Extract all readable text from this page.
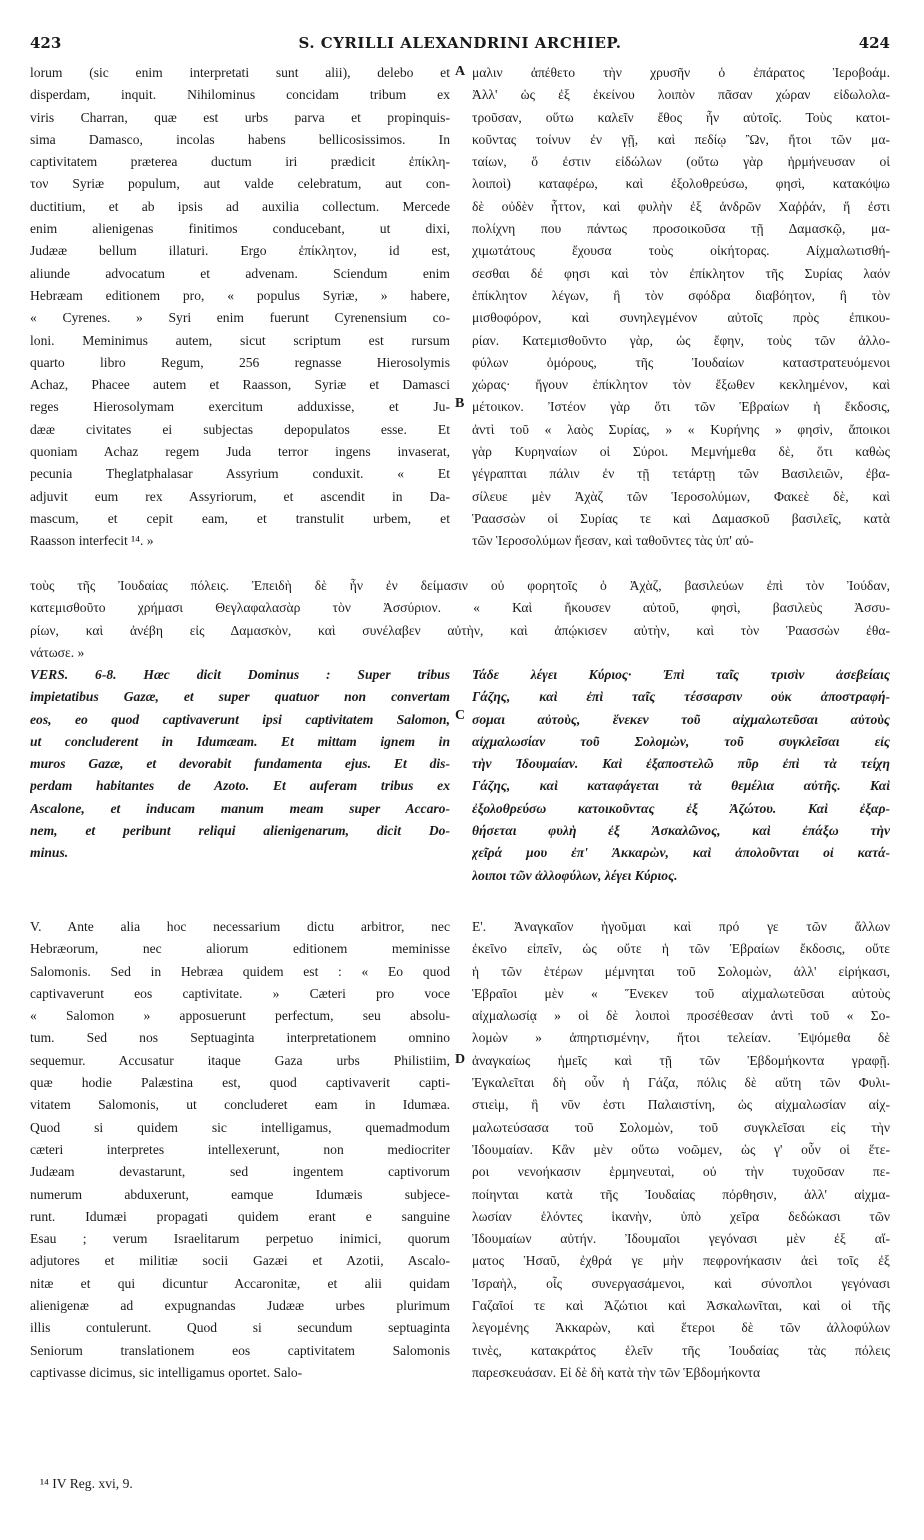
423	S. CYRILLI ALEXANDRINI ARCHIEP.	424
lorum (sic enim interpretati sunt alii), delebo et
disperdam, inquit. Nihilominus concidam tribum ex
viris Charran, quæ est urbs parva et propinquis-
sima Damasco, incolas habens bellicosissimos. In
captivitatem præterea ductum iri prædicit ἐπίκλη-
τον Syriæ populum, aut valde celebratum, aut con-
ductitium, et ab ipsis ad auxilia collectum. Mercede
enim alienigenas finitimos conducebant, ut dixi,
Judææ bellum illaturi. Ergo ἐπίκλητον, id est,
aliunde advocatum et advenam. Sciendum enim
Hebræam editionem pro, « populus Syriæ, » habere,
« Cyrenes. » Syri enim fuerunt Cyrenensium co-
loni. Meminimus autem, sicut scriptum est rursum
quarto libro Regum, 256 regnasse Hierosolymis
Achaz, Phacee autem et Raasson, Syriæ et Damasci
reges Hierosolymam exercitum adduxisse, et Ju-
dææ civitates ei subjectas depopulatos esse. Et
quoniam Achaz regem Juda terror ingens invaserat,
pecunia Theglatphalasar Assyrium conduxit. « Et
adjuvit eum rex Assyriorum, et ascendit in Da-
mascum, et cepit eam, et transtulit urbem, et
Raasson interfecit ¹⁴. »
μαλιν ἀπέθετο τὴν χρυσῆν ὁ ἐπάρατος Ἱεροβοάμ.
Ἀλλ' ὡς ἐξ ἐκείνου λοιπὸν πᾶσαν χώραν εἰδωλολα-
τροῦσαν, οὕτω καλεῖν ἔθος ἦν αὐτοῖς. Τοὺς κατοι-
κοῦντας τοίνυν ἐν γῇ, καὶ πεδίῳ Ὢν, ἤτοι τῶν μα-
ταίων, ὅ ἐστιν εἰδώλων (οὕτω γὰρ ἡρμήνευσαν οἱ
λοιποὶ) καταφέρω, καὶ ἐξολοθρεύσω, φησὶ, κατακόψω
δὲ οὐδὲν ἧττον, καὶ φυλὴν ἐξ ἀνδρῶν Χαῤῥάν, ἥ ἐστι
πολίχνη που πάντως προσοικοῦσα τῇ Δαμασκῷ, μα-
χιμωτάτους ἔχουσα τοὺς οἰκήτορας. Αἰχμαλωτισθή-
σεσθαι δέ φησι καὶ τὸν ἐπίκλητον τῆς Συρίας λαόν
ἐπίκλητον λέγων, ἢ τὸν σφόδρα διαβόητον, ἢ τὸν
μισθοφόρον, καὶ συνηλεγμένον αὐτοῖς πρὸς ἐπικου-
ρίαν. Κατεμισθοῦντο γὰρ, ὡς ἔφην, τοὺς τῶν ἀλλο-
φύλων ὁμόρους, τῆς Ἰουδαίων καταστρατευόμενοι
χώρας· ἤγουν ἐπίκλητον τὸν ἔξωθεν κεκλημένον, καὶ
μέτοικον. Ἰστέον γὰρ ὅτι τῶν Ἑβραίων ἡ ἔκδοσις,
ἀντὶ τοῦ « λαὸς Συρίας, » « Κυρήνης » φησὶν, ἄποικοι
γὰρ Κυρηναίων οἱ Σύροι. Μεμνήμεθα δὲ, ὅτι καθὼς
γέγραπται πάλιν ἐν τῇ τετάρτῃ τῶν Βασιλειῶν, ἐβα-
σίλευε μὲν Ἀχὰζ τῶν Ἱεροσολύμων, Φακεὲ δὲ, καὶ
Ῥαασσὼν οἱ Συρίας τε καὶ Δαμασκοῦ βασιλεῖς, κατὰ
τῶν Ἱεροσολύμων ἤεσαν, καὶ ταθοῦντες τὰς ὑπ' αὐ-
A
B
C
D
τοὺς τῆς Ἰουδαίας πόλεις. Ἐπειδὴ δὲ ἦν ἐν δείμασιν οὐ φορητοῖς ὁ Ἀχὰζ, βασιλεύων ἐπὶ τὸν Ἰούδαν,
κατεμισθοῦτο χρήμασι Θεγλαφαλασὰρ τὸν Ἀσσύριον. « Καὶ ἤκουσεν αὐτοῦ, φησὶ, βασιλεὺς Ἀσσυ-
ρίων, καὶ ἀνέβη εἰς Δαμασκὸν, καὶ συνέλαβεν αὐτὴν, καὶ ἀπῴκισεν αὐτὴν, καὶ τὸν Ῥαασσὼν ἐθα-
νάτωσε. »
VERS. 6-8. Hæc dicit Dominus : Super tribus
impietatibus Gazæ, et super quatuor non convertam
eos, eo quod captivaverunt ipsi captivitatem Salomon,
ut concluderent in Idumæam. Et mittam ignem in
muros Gazæ, et devorabit fundamenta ejus. Et dis-
perdam habitantes de Azoto. Et auferam tribus ex
Ascalone, et inducam manum meam super Accaro-
nem, et peribunt reliqui alienigenarum, dicit Do-
minus.
Τάδε λέγει Κύριος· Ἐπὶ ταῖς τρισὶν ἀσεβείαις
Γάζης, καὶ ἐπὶ ταῖς τέσσαρσιν οὐκ ἀποστραφή-
σομαι αὐτοὺς, ἕνεκεν τοῦ αἰχμαλωτεῦσαι αὐτοὺς
αἰχμαλωσίαν τοῦ Σολομὼν, τοῦ συγκλεῖσαι εἰς
τὴν Ἰδουμαίαν. Καὶ ἐξαποστελῶ πῦρ ἐπὶ τὰ τείχη
Γάζης, καὶ καταφάγεται τὰ θεμέλια αὐτῆς. Καὶ
ἐξολοθρεύσω κατοικοῦντας ἐξ Ἀζώτου. Καὶ ἐξαρ-
θήσεται φυλὴ ἐξ Ἀσκαλῶνος, καὶ ἐπάξω τὴν
χεῖρά μου ἐπ' Ἀκκαρὼν, καὶ ἀπολοῦνται οἱ κατά-
λοιποι τῶν ἀλλοφύλων, λέγει Κύριος.
V. Ante alia hoc necessarium dictu arbitror, nec
Hebræorum, nec aliorum editionem meminisse
Salomonis. Sed in Hebræa quidem est : « Eo quod
captivaverunt eos captivitate. » Cæteri pro voce
« Salomon » apposuerunt perfectum, seu absolu-
tum. Sed nos Septuaginta interpretationem omnino
sequemur. Accusatur itaque Gaza urbs Philistiim,
quæ hodie Palæstina est, quod captivaverit capti-
vitatem Salomonis, ut concluderet eam in Idumæa.
Quod si quidem sic intelligamus, quemadmodum
cæteri interpretes intellexerunt, non mediocriter
Judæam devastarunt, sed ingentem captivorum
numerum abduxerunt, eamque Idumæis subjece-
runt. Idumæi propagati quidem erant e sanguine
Esau ; verum Israelitarum perpetuo inimici, quorum
adjutores et militiæ socii Gazæi et Azotii, Ascalo-
nitæ et qui dicuntur Accaronitæ, et alii quidam
alienigenæ ad expugnandas Judææ urbes plurimum
illis contulerunt. Quod si secundum septuaginta
Seniorum translationem eos captivitatem Salomonis
captivasse dicimus, sic intelligamus oportet. Salo-
Ε'. Ἀναγκαῖον ἡγοῦμαι καὶ πρό γε τῶν ἄλλων
ἐκεῖνο εἰπεῖν, ὡς οὔτε ἡ τῶν Ἑβραίων ἔκδοσις, οὔτε
ἡ τῶν ἑτέρων μέμνηται τοῦ Σολομὼν, ἀλλ' εἰρήκασι,
Ἑβραῖοι μὲν « Ἕνεκεν τοῦ αἰχμαλωτεῦσαι αὐτοὺς
αἰχμαλωσίᾳ » οἱ δὲ λοιποὶ προσέθεσαν ἀντὶ τοῦ « Σο-
λομὼν » ἀπηρτισμένην, ἤτοι τελείαν. Ἑψόμεθα δὲ
ἀναγκαίως ἡμεῖς καὶ τῇ τῶν Ἑβδομήκοντα γραφῇ.
Ἐγκαλεῖται δὴ οὖν ἡ Γάζα, πόλις δὲ αὕτη τῶν Φυλι-
στιεὶμ, ἣ νῦν ἐστι Παλαιστίνη, ὡς αἰχμαλωσίαν αἰχ-
μαλωτεύσασα τοῦ Σολομὼν, τοῦ συγκλεῖσαι εἰς τὴν
Ἰδουμαίαν. Κἂν μὲν οὕτω νοῶμεν, ὡς γ' οὖν οἱ ἕτε-
ροι νενοήκασιν ἑρμηνευταὶ, οὐ τὴν τυχοῦσαν πε-
ποίηνται κατὰ τῆς Ἰουδαίας πόρθησιν, ἀλλ' αἰχμα-
λωσίαν ἑλόντες ἱκανὴν, ὑπὸ χεῖρα δεδώκασι τῶν
Ἰδουμαίων αὐτήν. Ἰδουμαῖοι γεγόνασι μὲν ἐξ αἵ-
ματος Ἡσαῦ, ἐχθρά γε μὴν πεφρονήκασιν ἀεὶ τοῖς ἐξ
Ἰσραὴλ, οἷς συνεργασάμενοι, καὶ σύνοπλοι γεγόνασι
Γαζαῖοί τε καὶ Ἀζώτιοι καὶ Ἀσκαλωνῖται, καὶ οἱ τῆς
λεγομένης Ἀκκαρὼν, καὶ ἕτεροι δὲ τῶν ἀλλοφύλων
τινὲς, κατακράτος ἑλεῖν τῆς Ἰουδαίας τὰς πόλεις
παρεσκευάσαν. Εἰ δὲ δὴ κατὰ τὴν τῶν Ἑβδομήκοντα
¹⁴ IV Reg. xvi, 9.
